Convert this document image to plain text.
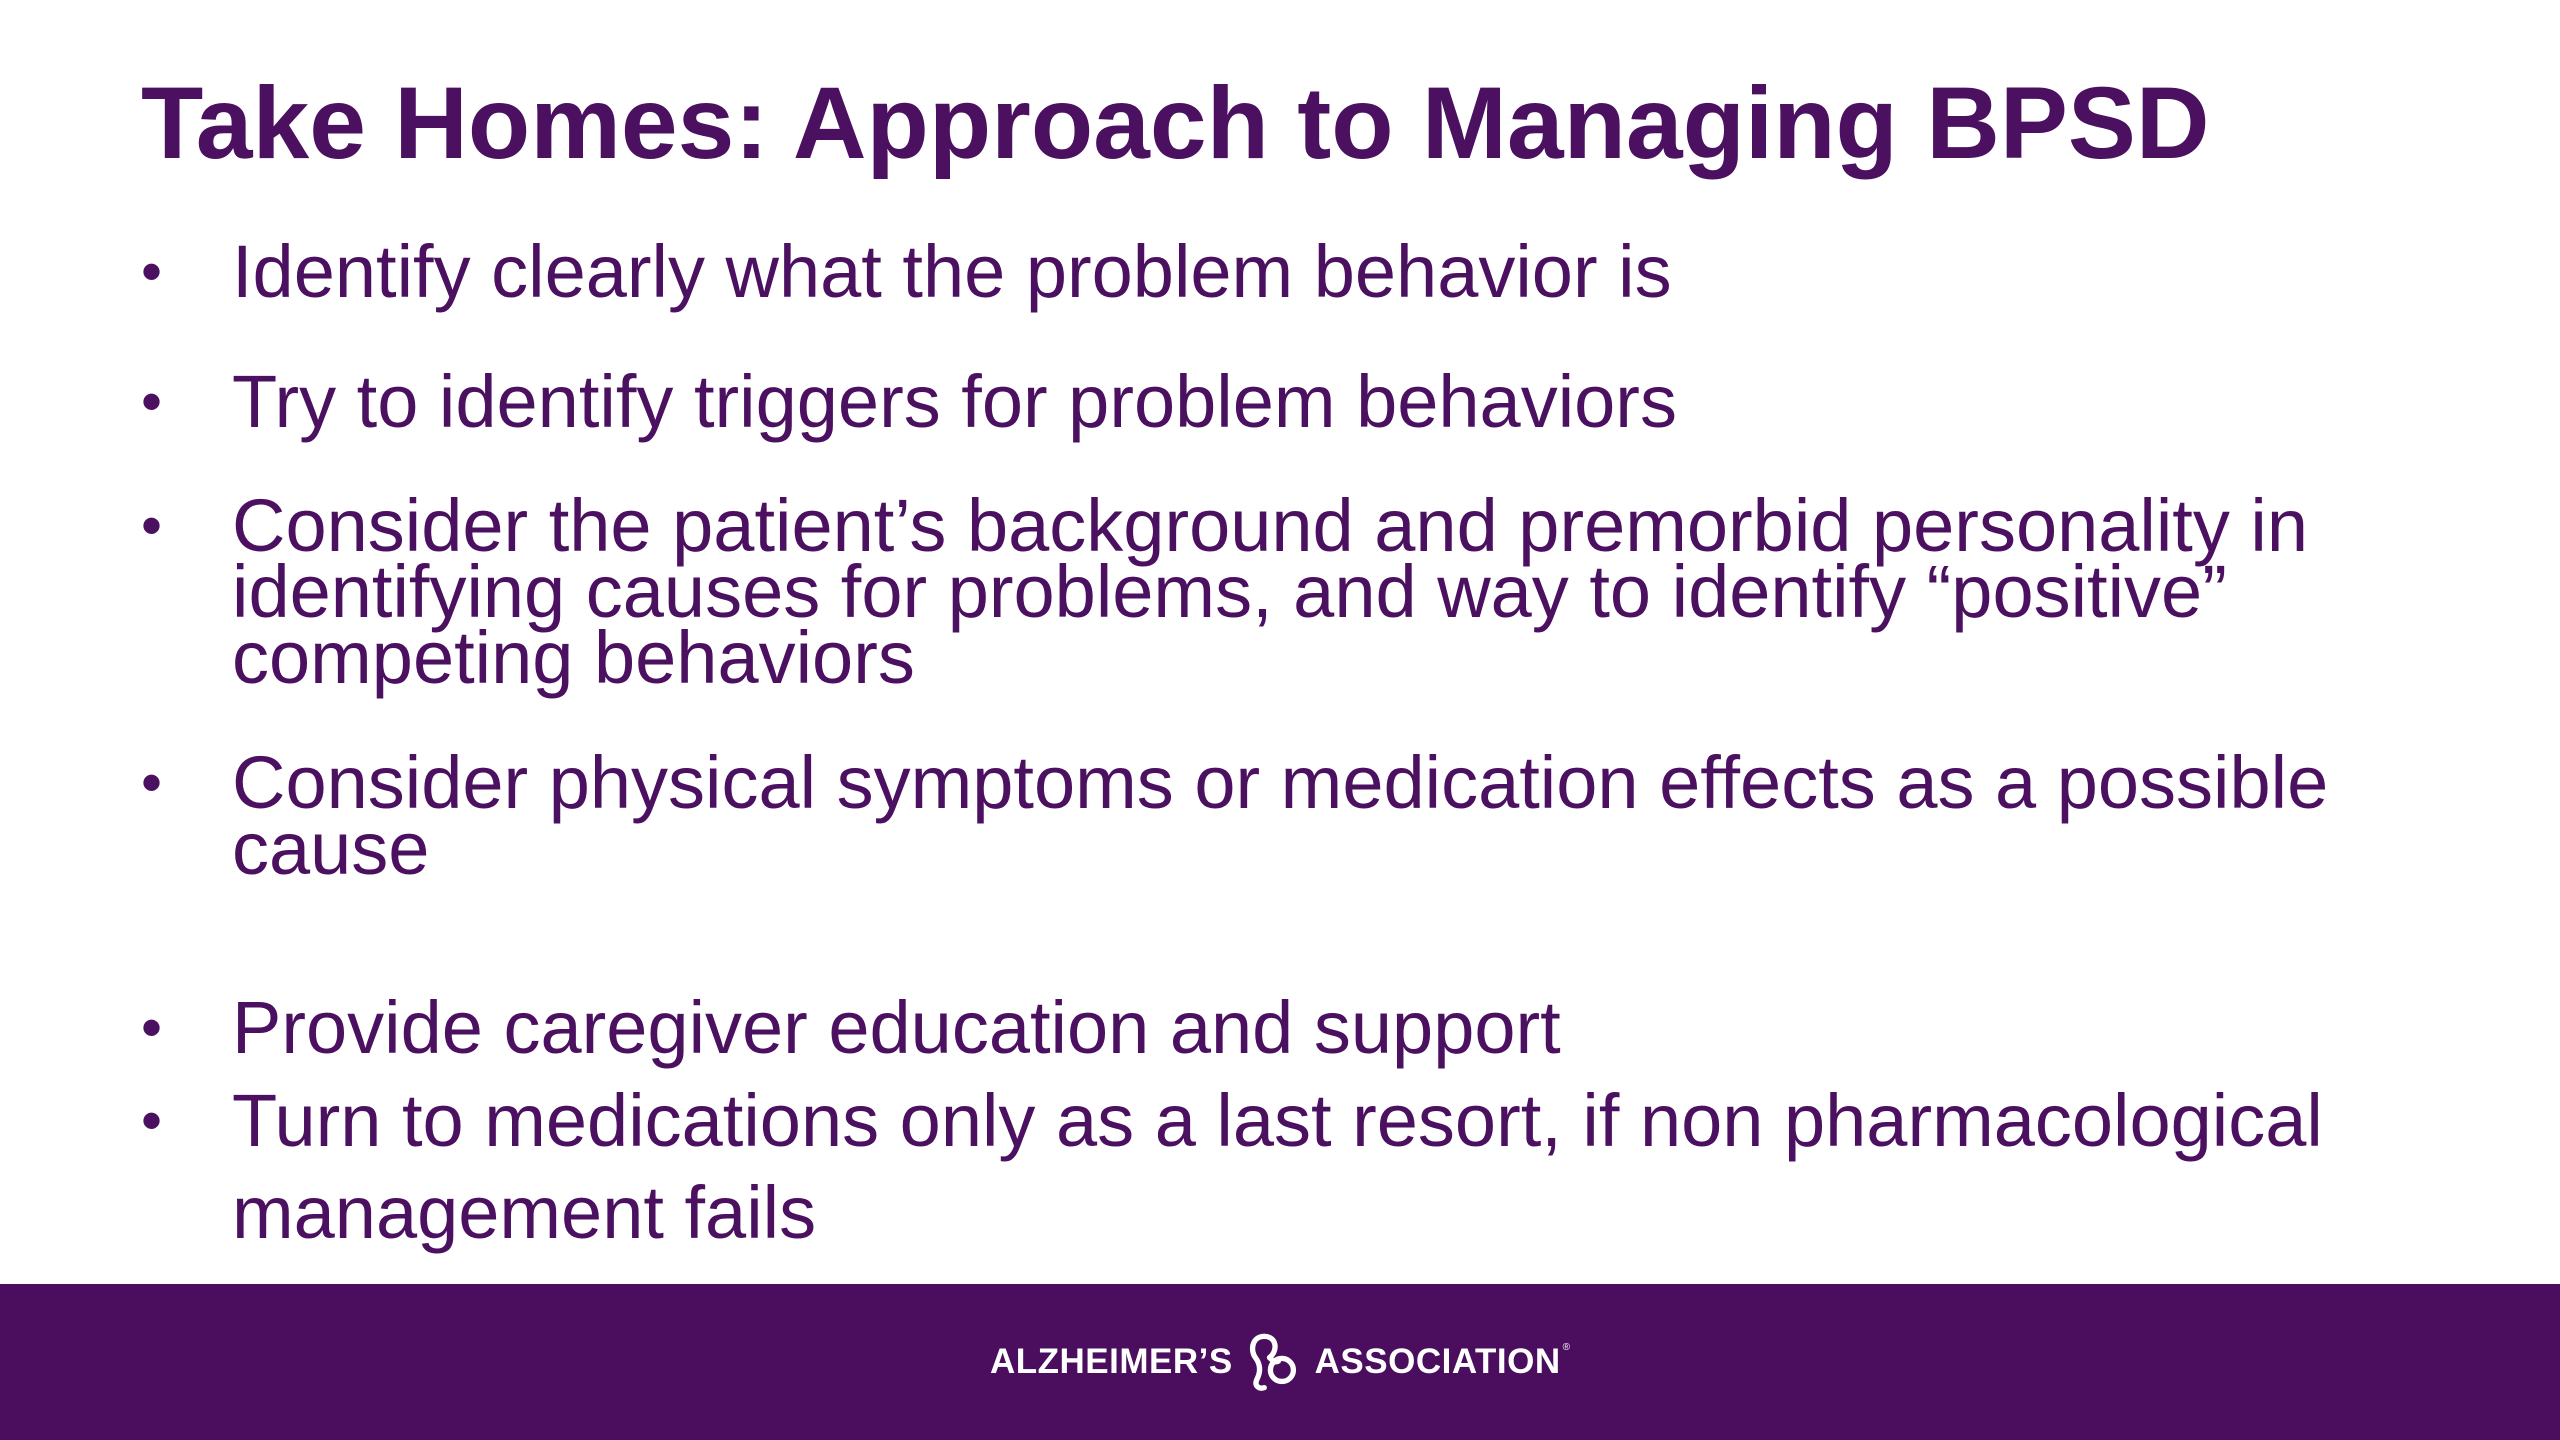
Take Homes: Approach to Managing BPSD
• Identify clearly what the problem behavior is
• Try to identify triggers for problem behaviors
• Consider the patient’s background and premorbid personality in identifying causes for problems, and way to identify “positive” competing behaviors
• Consider physical symptoms or medication effects as a possible cause
• Provide caregiver education and support
• Turn to medications only as a last resort, if non pharmacological management fails
ALZHEIMER’S ASSOCIATION ®
